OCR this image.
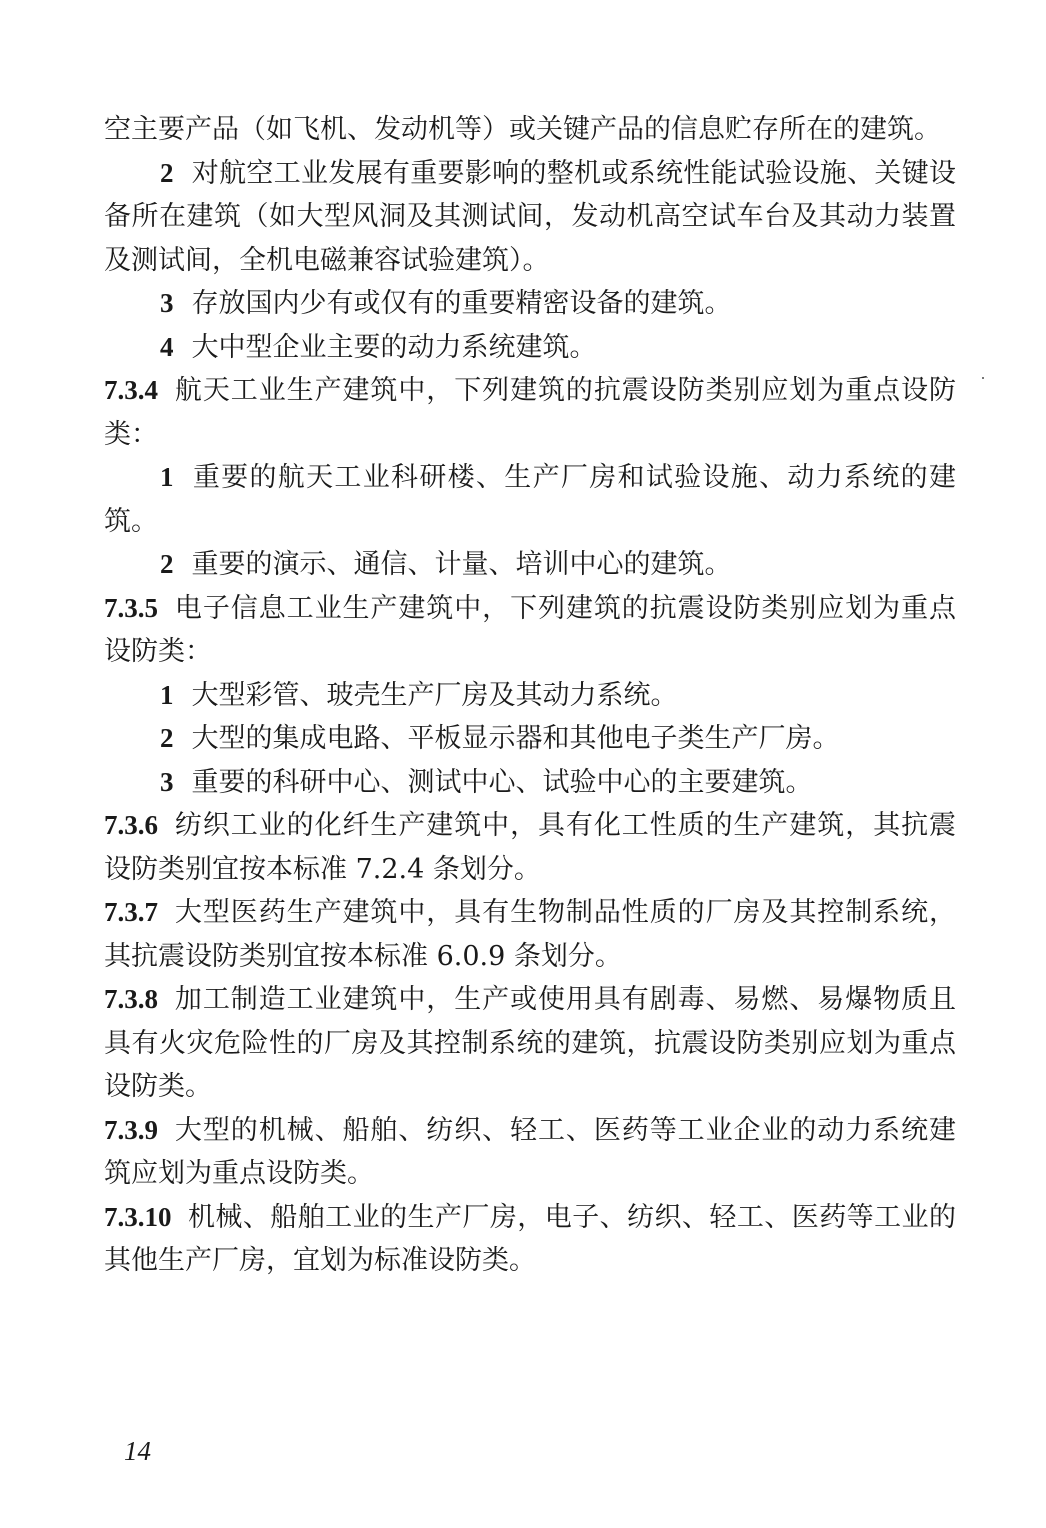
空主要产品（如飞机、发动机等）或关键产品的信息贮存所在的建筑。

2 对航空工业发展有重要影响的整机或系统性能试验设施、关键设备所在建筑（如大型风洞及其测试间，发动机高空试车台及其动力装置及测试间，全机电磁兼容试验建筑）。

3 存放国内少有或仅有的重要精密设备的建筑。

4 大中型企业主要的动力系统建筑。

7.3.4 航天工业生产建筑中，下列建筑的抗震设防类别应划为重点设防类：

1 重要的航天工业科研楼、生产厂房和试验设施、动力系统的建筑。

2 重要的演示、通信、计量、培训中心的建筑。

7.3.5 电子信息工业生产建筑中，下列建筑的抗震设防类别应划为重点设防类：

1 大型彩管、玻壳生产厂房及其动力系统。

2 大型的集成电路、平板显示器和其他电子类生产厂房。

3 重要的科研中心、测试中心、试验中心的主要建筑。

7.3.6 纺织工业的化纤生产建筑中，具有化工性质的生产建筑，其抗震设防类别宜按本标准 7.2.4 条划分。

7.3.7 大型医药生产建筑中，具有生物制品性质的厂房及其控制系统，其抗震设防类别宜按本标准 6.0.9 条划分。

7.3.8 加工制造工业建筑中，生产或使用具有剧毒、易燃、易爆物质且具有火灾危险性的厂房及其控制系统的建筑，抗震设防类别应划为重点设防类。

7.3.9 大型的机械、船舶、纺织、轻工、医药等工业企业的动力系统建筑应划为重点设防类。

7.3.10 机械、船舶工业的生产厂房，电子、纺织、轻工、医药等工业的其他生产厂房，宜划为标准设防类。

14
